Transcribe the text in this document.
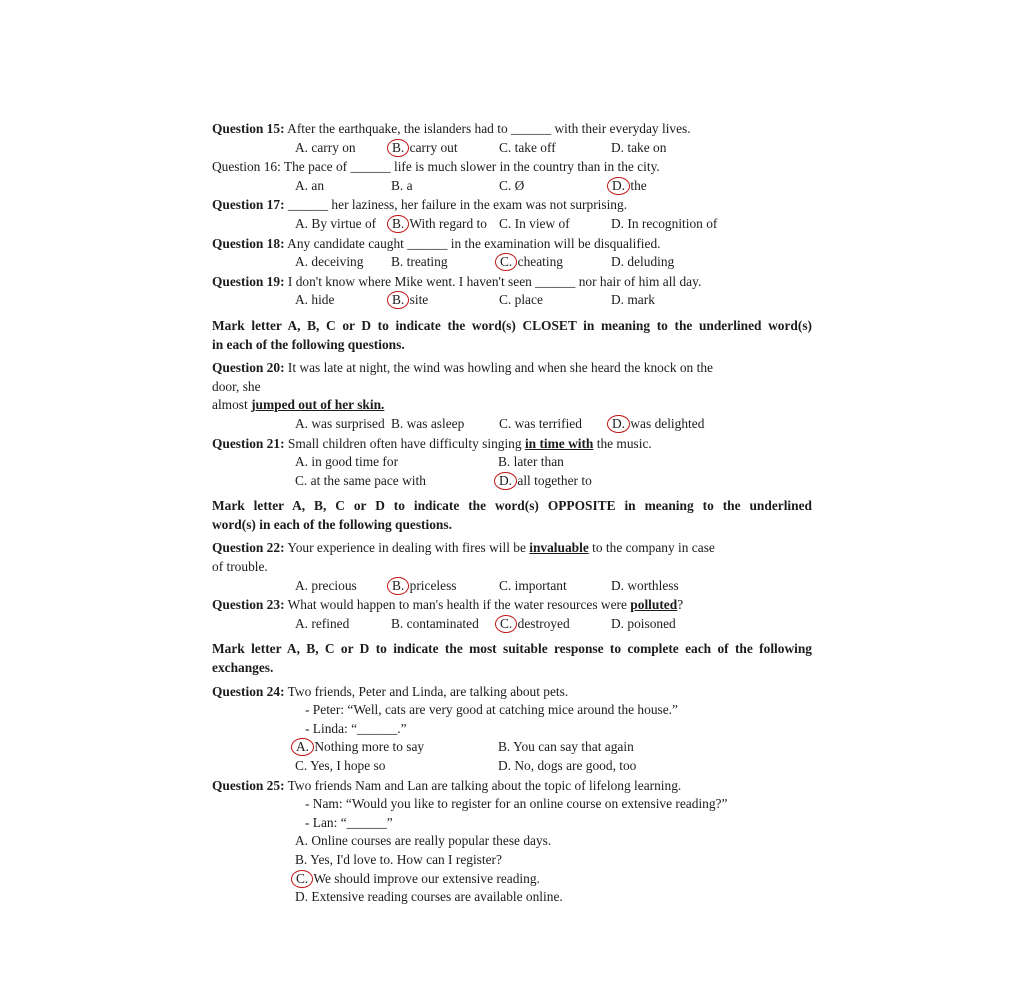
Question 15: After the earthquake, the islanders had to ______ with their everyday lives.
A. carry on	B. carry out	C. take off	D. take on
Question 16: The pace of ______ life is much slower in the country than in the city.
A. an	B. a	C. Ø	D. the
Question 17: ______ her laziness, her failure in the exam was not surprising.
A. By virtue of	B. With regard to C. In view of	D. In recognition of
Question 18: Any candidate caught ______ in the examination will be disqualified.
A. deceiving	B. treating	C. cheating	D. deluding
Question 19: I don't know where Mike went. I haven't seen ______ nor hair of him all day.
A. hide	B. site	C. place	D. mark
Mark letter A, B, C or D to indicate the word(s) CLOSET in meaning to the underlined word(s)
in each of the following questions.
Question 20: It was late at night, the wind was howling and when she heard the knock on the
door, she
almost jumped out of her skin.
A. was surprised B. was asleep	C. was terrified	D. was delighted
Question 21: Small children often have difficulty singing in time with the music.
A. in good time for	B. later than
C. at the same pace with	D. all together to
Mark letter A, B, C or D to indicate the word(s) OPPOSITE in meaning to the underlined
word(s) in each of the following questions.
Question 22: Your experience in dealing with fires will be invaluable to the company in case
of trouble.
A. precious	B. priceless	C. important	D. worthless
Question 23: What would happen to man's health if the water resources were polluted?
A. refined	B. contaminated	C. destroyed	D. poisoned
Mark letter A, B, C or D to indicate the most suitable response to complete each of the following
exchanges.
Question 24: Two friends, Peter and Linda, are talking about pets.
- Peter: “Well, cats are very good at catching mice around the house.”
- Linda: “______.”
A. Nothing more to say	B. You can say that again
C. Yes, I hope so	D. No, dogs are good, too
Question 25: Two friends Nam and Lan are talking about the topic of lifelong learning.
- Nam: “Would you like to register for an online course on extensive reading?”
- Lan: “______”
A. Online courses are really popular these days.
B. Yes, I'd love to. How can I register?
C. We should improve our extensive reading.
D. Extensive reading courses are available online.
